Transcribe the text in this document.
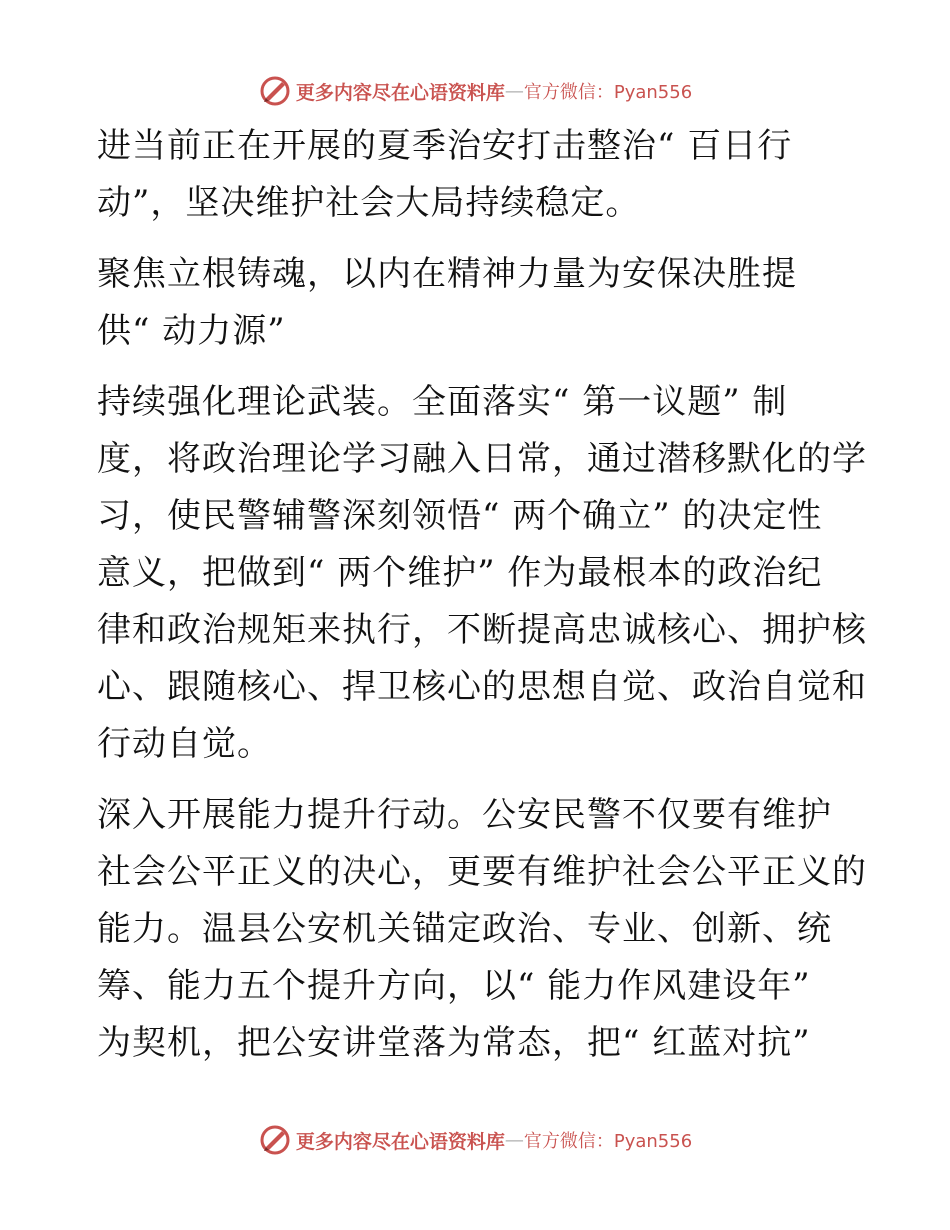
更多内容尽在心语资料库 — 官方微信：Pyan556
进当前正在开展的夏季治安打击整治“ 百日行
动”，坚决维护社会大局持续稳定。
聚焦立根铸魂，以内在精神力量为安保决胜提
供“ 动力源”
持续强化理论武装。全面落实“ 第一议题” 制
度，将政治理论学习融入日常，通过潜移默化的学
习，使民警辅警深刻领悟“ 两个确立” 的决定性
意义，把做到“ 两个维护” 作为最根本的政治纪
律和政治规矩来执行，不断提高忠诚核心、拥护核
心、跟随核心、捍卫核心的思想自觉、政治自觉和
行动自觉。
深入开展能力提升行动。公安民警不仅要有维护
社会公平正义的决心，更要有维护社会公平正义的
能力。温县公安机关锚定政治、专业、创新、统
筹、能力五个提升方向，以“ 能力作风建设年”
为契机，把公安讲堂落为常态，把“ 红蓝对抗”
更多内容尽在心语资料库 — 官方微信：Pyan556
